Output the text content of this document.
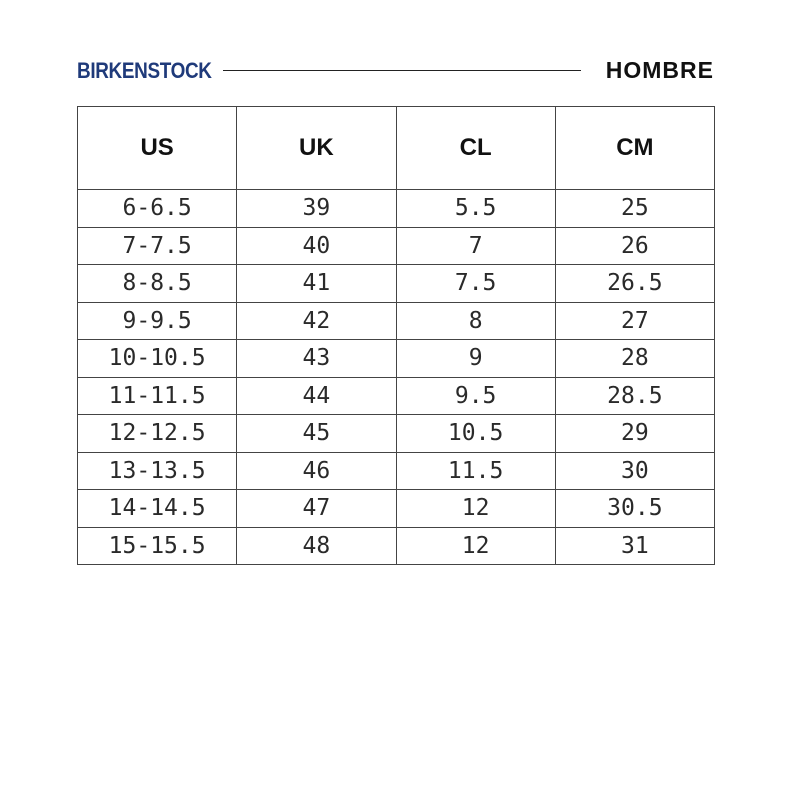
BIRKENSTOCK	HOMBRE
US	UK	CL	CM
6-6.5	39	5.5	25
7-7.5	40	7	26
8-8.5	41	7.5	26.5
9-9.5	42	8	27
10-10.5	43	9	28
11-11.5	44	9.5	28.5
12-12.5	45	10.5	29
13-13.5	46	11.5	30
14-14.5	47	12	30.5
15-15.5	48	12	31
